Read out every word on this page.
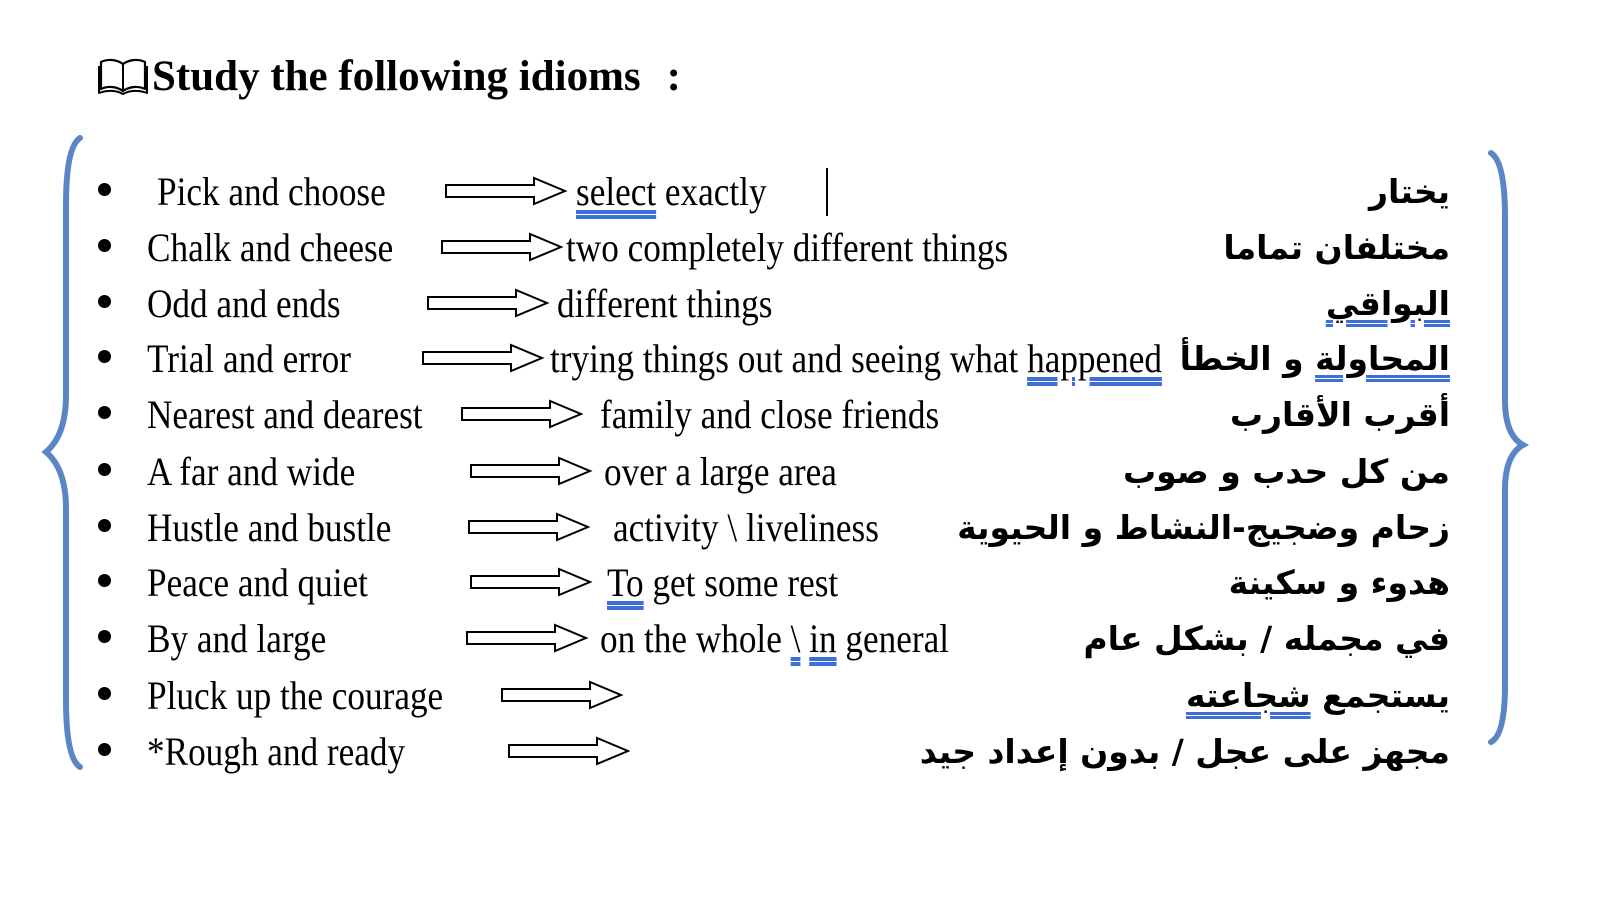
Study the following idioms :
Pick and choose	select exactly	يختار
Chalk and cheese	two completely different things	مختلفان تماما
Odd and ends	different things	البواقي
Trial and error	trying things out and seeing what happened	المحاولة و الخطأ
Nearest and dearest	family and close friends	أقرب الأقارب
A far and wide	over a large area	من كل حدب و صوب
Hustle and bustle	activity \ liveliness زحام وضجيج-النشاط و الحيوية
Peace and quiet	To get some rest	هدوء و سكينة
By and large	on the whole \ in general	في مجمله / بشكل عام
Pluck up the courage	يستجمع شجاعته
*Rough and ready	مجهز على عجل / بدون إعداد جيد
